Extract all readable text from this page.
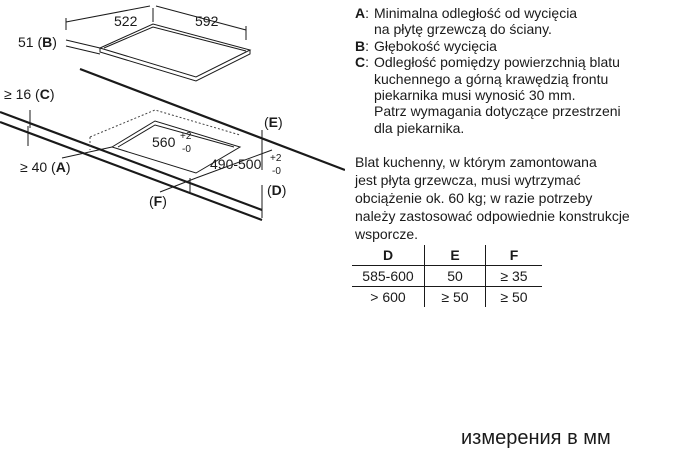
522	592
51 (B)
≥ 16 (C)
≥ 40 (A)
560 +2
-0
490-500 +2
-0
(E)
(D)
(F)
A: Minimalna odległość od wycięcia
na płytę grzewczą do ściany.
B: Głębokość wycięcia
C: Odległość pomiędzy powierzchnią blatu
kuchennego a górną krawędzią frontu
piekarnika musi wynosić 30 mm.
Patrz wymagania dotyczące przestrzeni
dla piekarnika.
Blat kuchenny, w którym zamontowana
jest płyta grzewcza, musi wytrzymać
obciążenie ok. 60 kg; w razie potrzeby
należy zastosować odpowiednie konstrukcje
wsporcze.
D	E	F
585-600	50	≥ 35
> 600	≥ 50	≥ 50
измерения в мм
